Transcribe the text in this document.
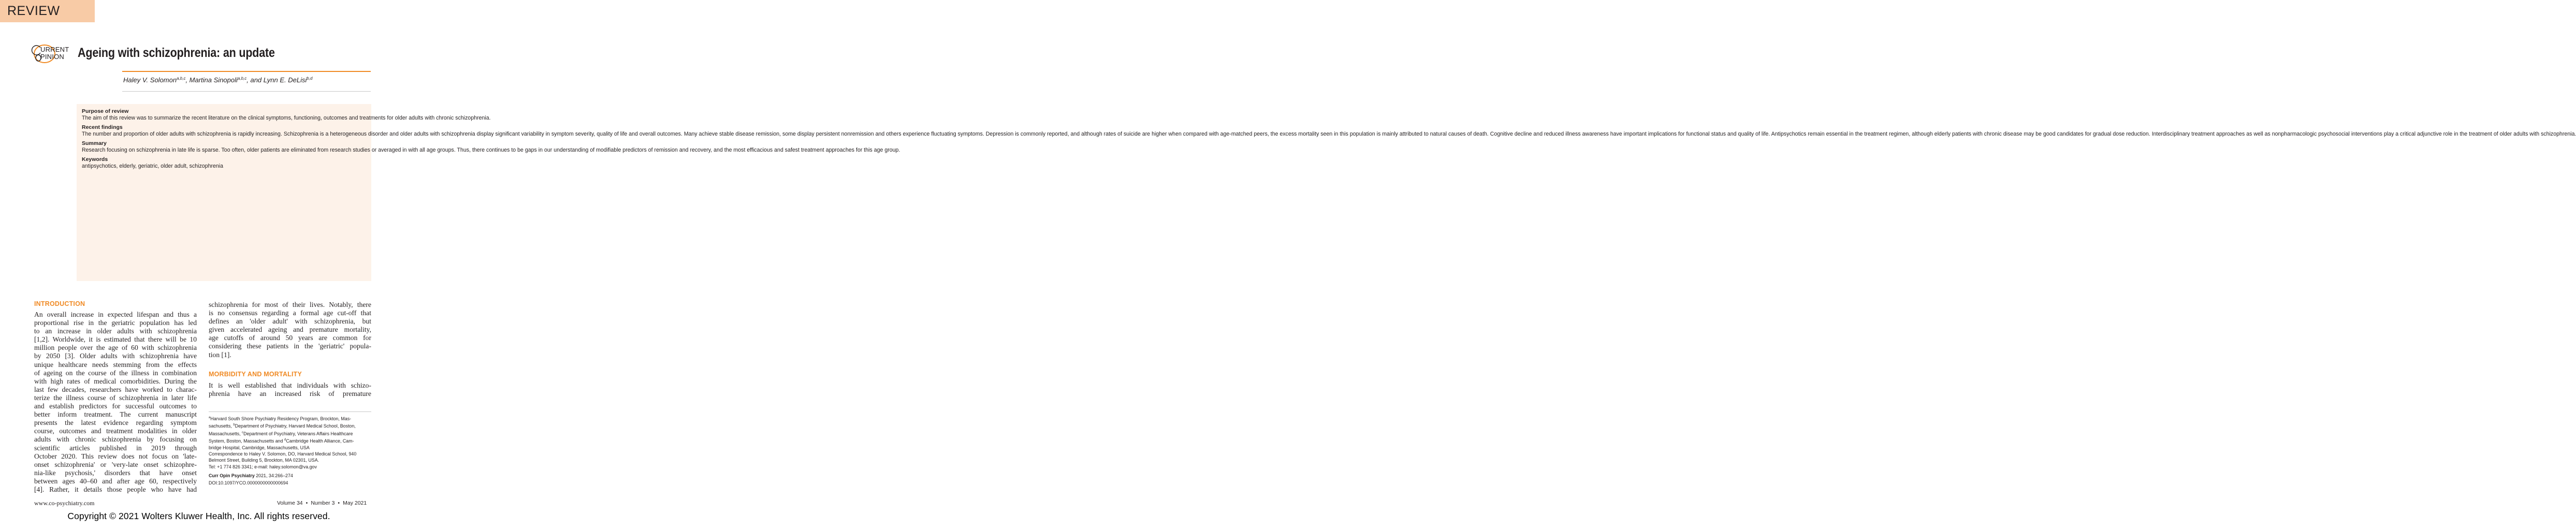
REVIEW
URRENT
PINION Ageing with schizophrenia: an update
Haley V. Solomon$^{a,b,c}$, Martina Sinopoli$^{a,b,c}$, and Lynn E. DeLisi$^{b,d}$
Purpose of review

The aim of this review was to summarize the recent literature on the clinical symptoms, functioning, outcomes and treatments for older adults with chronic schizophrenia.

Recent findings

The number and proportion of older adults with schizophrenia is rapidly increasing. Schizophrenia is a heterogeneous disorder and older adults with schizophrenia display significant variability in symptom severity, quality of life and overall outcomes. Many achieve stable disease remission, some display persistent nonremission and others experience fluctuating symptoms. Depression is commonly reported, and although rates of suicide are higher when compared with age-matched peers, the excess mortality seen in this population is mainly attributed to natural causes of death. Cognitive decline and reduced illness awareness have important implications for functional status and quality of life. Antipsychotics remain essential in the treatment regimen, although elderly patients with chronic disease may be good candidates for gradual dose reduction. Interdisciplinary treatment approaches as well as nonpharmacologic psychosocial interventions play a critical adjunctive role in the treatment of older adults with schizophrenia.

Summary

Research focusing on schizophrenia in late life is sparse. Too often, older patients are eliminated from research studies or averaged in with all age groups. Thus, there continues to be gaps in our understanding of modifiable predictors of remission and recovery, and the most efficacious and safest treatment approaches for this age group.

Keywords

antipsychotics, elderly, geriatric, older adult, schizophrenia

INTRODUCTION
An overall increase in expected lifespan and thus a
proportional rise in the geriatric population has led
to an increase in older adults with schizophrenia
[1,2]. Worldwide, it is estimated that there will be 10
million people over the age of 60 with schizophrenia
by 2050 [3]. Older adults with schizophrenia have
unique healthcare needs stemming from the effects
of ageing on the course of the illness in combination
with high rates of medical comorbidities. During the
last few decades, researchers have worked to charac-
terize the illness course of schizophrenia in later life
and establish predictors for successful outcomes to
better inform treatment. The current manuscript
presents the latest evidence regarding symptom
course, outcomes and treatment modalities in older
adults with chronic schizophrenia by focusing on
scientific articles published in 2019 through
October 2020. This review does not focus on 'late-
onset schizophrenia' or 'very-late onset schizophre-
nia-like psychosis,' disorders that have onset
between ages 40–60 and after age 60, respectively
[4]. Rather, it details those people who have had
schizophrenia for most of their lives. Notably, there
is no consensus regarding a formal age cut-off that
defines an 'older adult' with schizophrenia, but
given accelerated ageing and premature mortality,
age cutoffs of around 50 years are common for
considering these patients in the 'geriatric' popula-
tion [1].
MORBIDITY AND MORTALITY
It is well established that individuals with schizo-
phrenia have an increased risk of premature
$^a$Harvard South Shore Psychiatry Residency Program, Brockton, Mas-
sachusetts, $^b$Department of Psychiatry, Harvard Medical School, Boston,
Massachusetts, $^c$Department of Psychiatry, Veterans Affairs Healthcare
System, Boston, Massachusetts and $^d$Cambridge Health Alliance, Cam-
bridge Hospital, Cambridge, Massachusetts, USA
Correspondence to Haley V. Solomon, DO, Harvard Medical School, 940
Belmont Street, Building 5, Brockton, MA 02301, USA.
Tel: +1 774 826 3341; e-mail: haley.solomon@va.gov
Curr Opin Psychiatry 2021, 34:266–274
DOI:10.1097/YCO.0000000000000694
www.co-psychiatry.com	Volume 34 • Number 3 • May 2021
Copyright © 2021 Wolters Kluwer Health, Inc. All rights reserved.
